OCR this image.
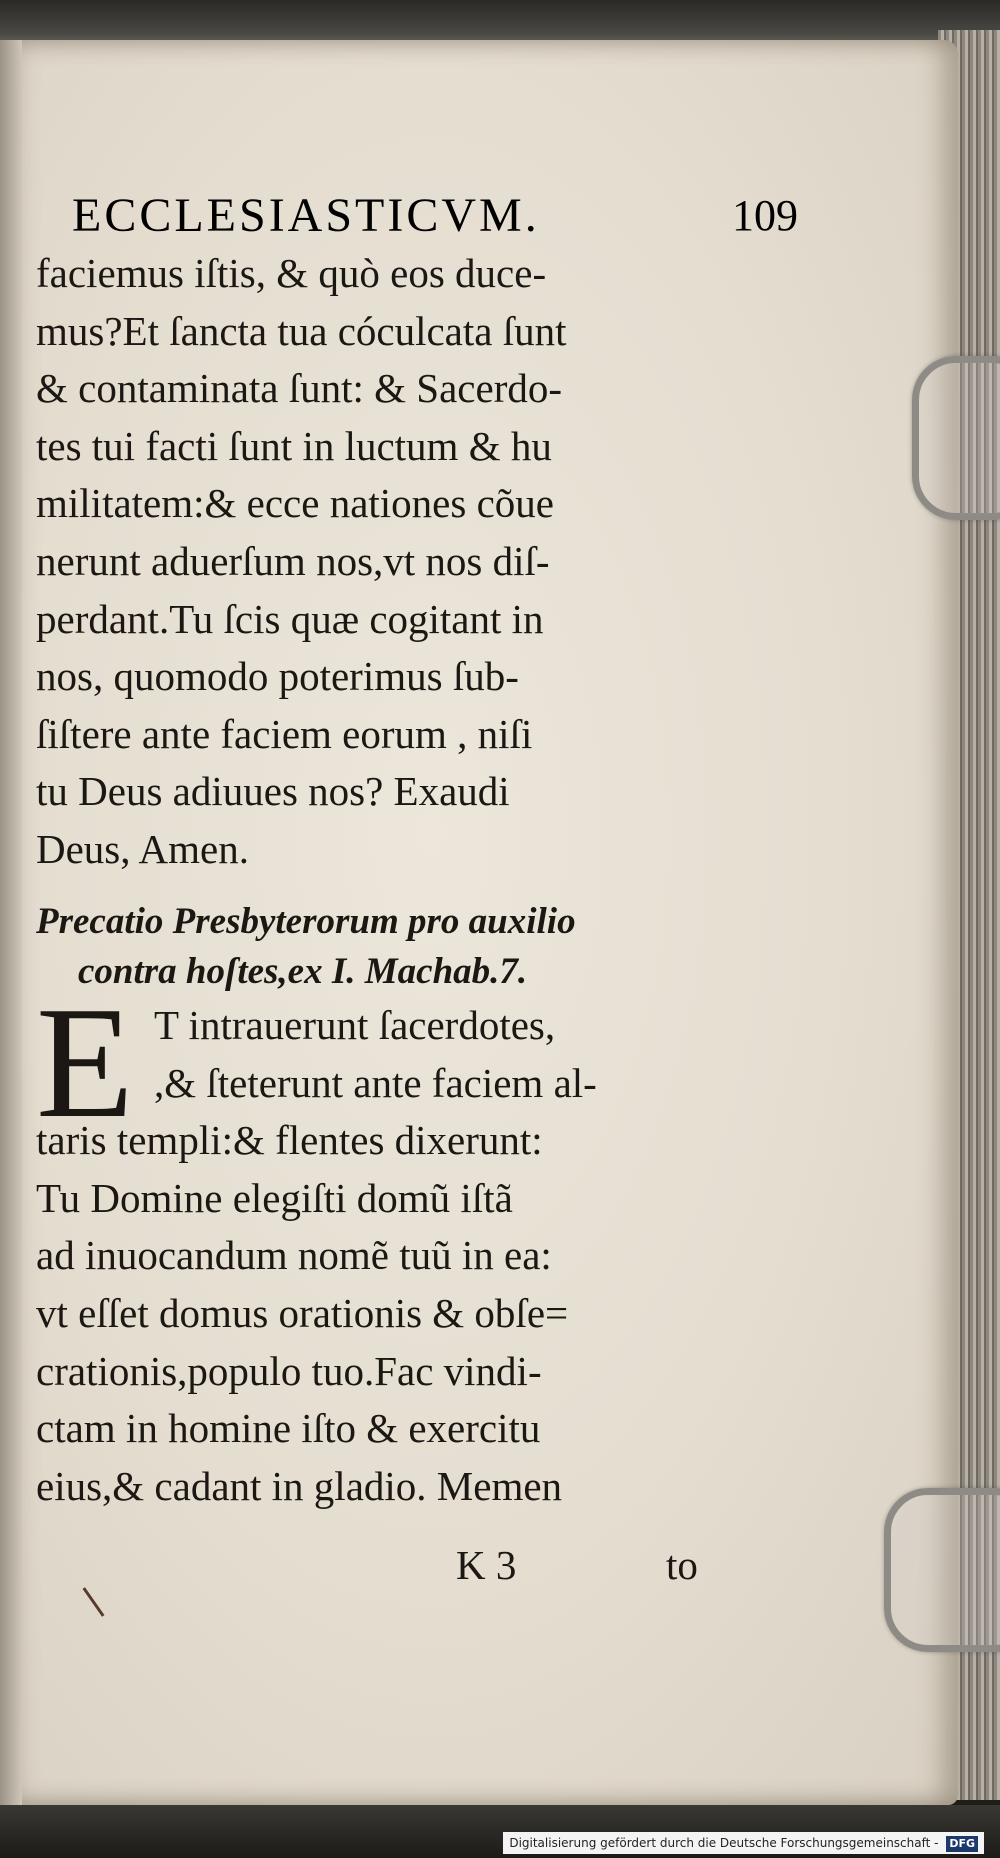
ECCLESIASTICVM.	109
faciemus iſtis, & quò eos duce-
mus?Et ſancta tua cóculcata ſunt
& contaminata ſunt: & Sacerdo-
tes tui facti ſunt in luctum & hu
militatem:& ecce nationes cõue
nerunt aduerſum nos,vt nos diſ-
perdant.Tu ſcis quæ cogitant in
nos, quomodo poterimus ſub-
ſiſtere ante faciem eorum , niſi
tu Deus adiuues nos? Exaudi
Deus, Amen.
Precatio Presbyterorum pro auxilio
contra hoſtes,ex I. Machab.7.
E T intrauerunt ſacerdotes,
,& ſteterunt ante faciem al-
taris templi:& flentes dixerunt:
Tu Domine elegiſti domũ iſtã
ad inuocandum nomẽ tuũ in ea:
vt eſſet domus orationis & obſe=
crationis,populo tuo.Fac vindi-
ctam in homine iſto & exercitu
eius,& cadant in gladio. Memen
K 3	to
Digitalisierung gefördert durch die Deutsche Forschungsgemeinschaft - DFG
